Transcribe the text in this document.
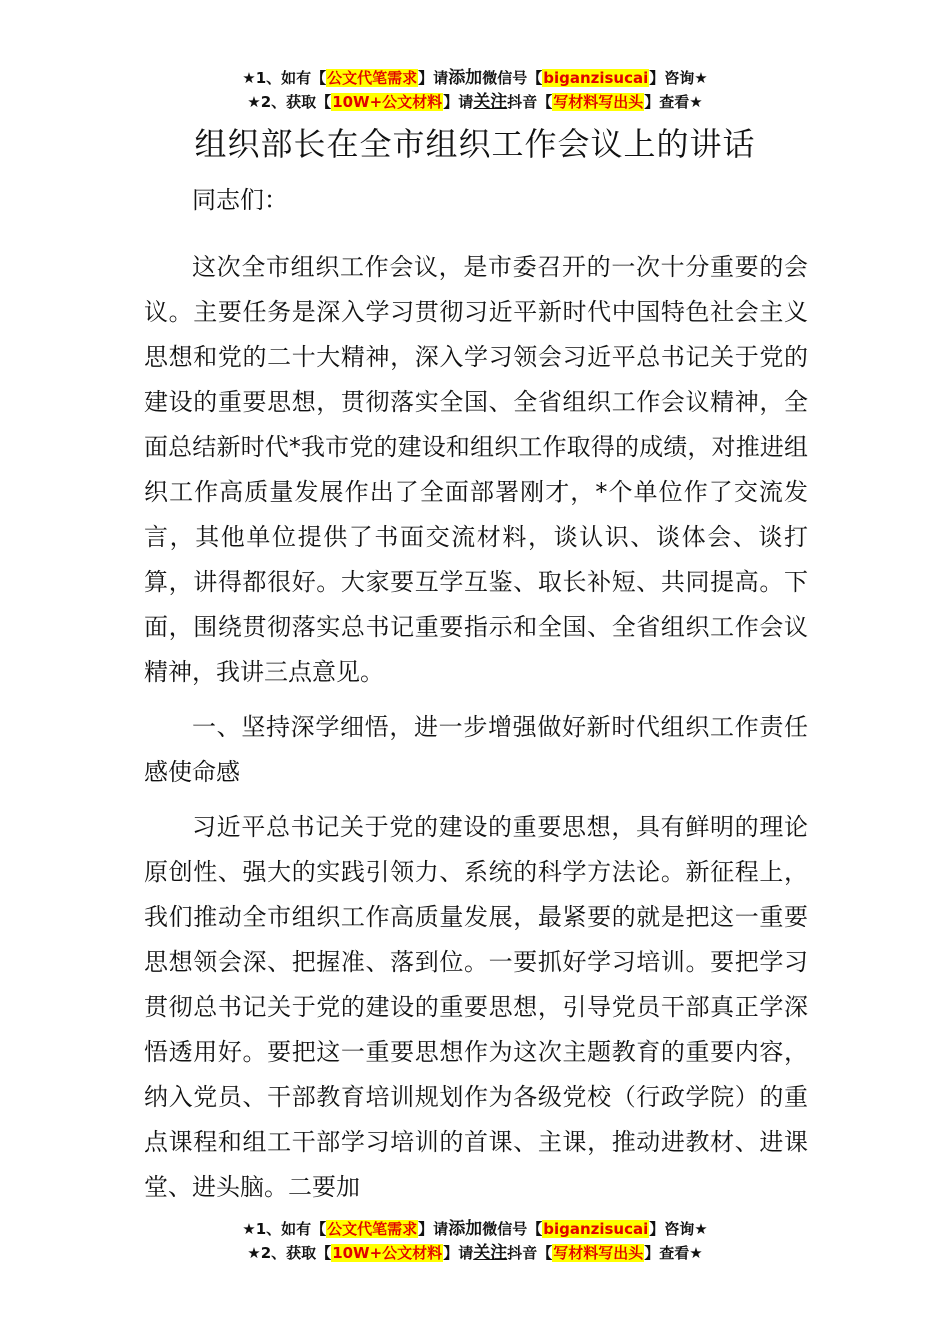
★1、如有【公文代笔需求】请添加微信号【biganzisucai】咨询★
★2、获取【10W+公文材料】请关注抖音【写材料写出头】查看★
组织部长在全市组织工作会议上的讲话

同志们：

这次全市组织工作会议，是市委召开的一次十分重要的会议。主要任务是深入学习贯彻习近平新时代中国特色社会主义思想和党的二十大精神，深入学习领会习近平总书记关于党的建设的重要思想，贯彻落实全国、全省组织工作会议精神，全面总结新时代*我市党的建设和组织工作取得的成绩，对推进组织工作高质量发展作出了全面部署刚才，*个单位作了交流发言，其他单位提供了书面交流材料，谈认识、谈体会、谈打算，讲得都很好。大家要互学互鉴、取长补短、共同提高。下面，围绕贯彻落实总书记重要指示和全国、全省组织工作会议精神，我讲三点意见。

一、坚持深学细悟，进一步增强做好新时代组织工作责任感使命感

习近平总书记关于党的建设的重要思想，具有鲜明的理论原创性、强大的实践引领力、系统的科学方法论。新征程上，我们推动全市组织工作高质量发展，最紧要的就是把这一重要思想领会深、把握准、落到位。一要抓好学习培训。要把学习贯彻总书记关于党的建设的重要思想，引导党员干部真正学深悟透用好。要把这一重要思想作为这次主题教育的重要内容，纳入党员、干部教育培训规划作为各级党校（行政学院）的重点课程和组工干部学习培训的首课、主课，推动进教材、进课堂、进头脑。二要加

★1、如有【公文代笔需求】请添加微信号【biganzisucai】咨询★
★2、获取【10W+公文材料】请关注抖音【写材料写出头】查看★
